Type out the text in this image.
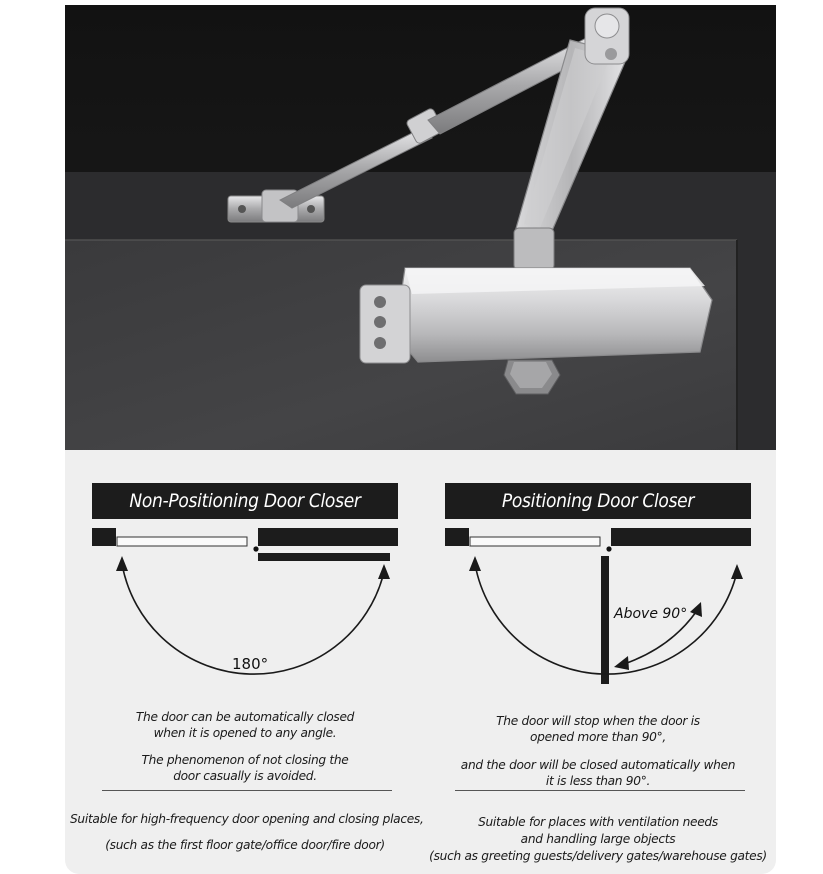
Non-Positioning Door Closer
180°
The door can be automatically closed
when it is opened to any angle.
The phenomenon of not closing the
door casually is avoided.
Suitable for high-frequency door opening and closing places,
(such as the first floor gate/office door/fire door)
Positioning Door Closer
Above 90°
The door will stop when the door is
opened more than 90°,
and the door will be closed automatically when
it is less than 90°.
Suitable for places with ventilation needs
and handling large objects
(such as greeting guests/delivery gates/warehouse gates)
